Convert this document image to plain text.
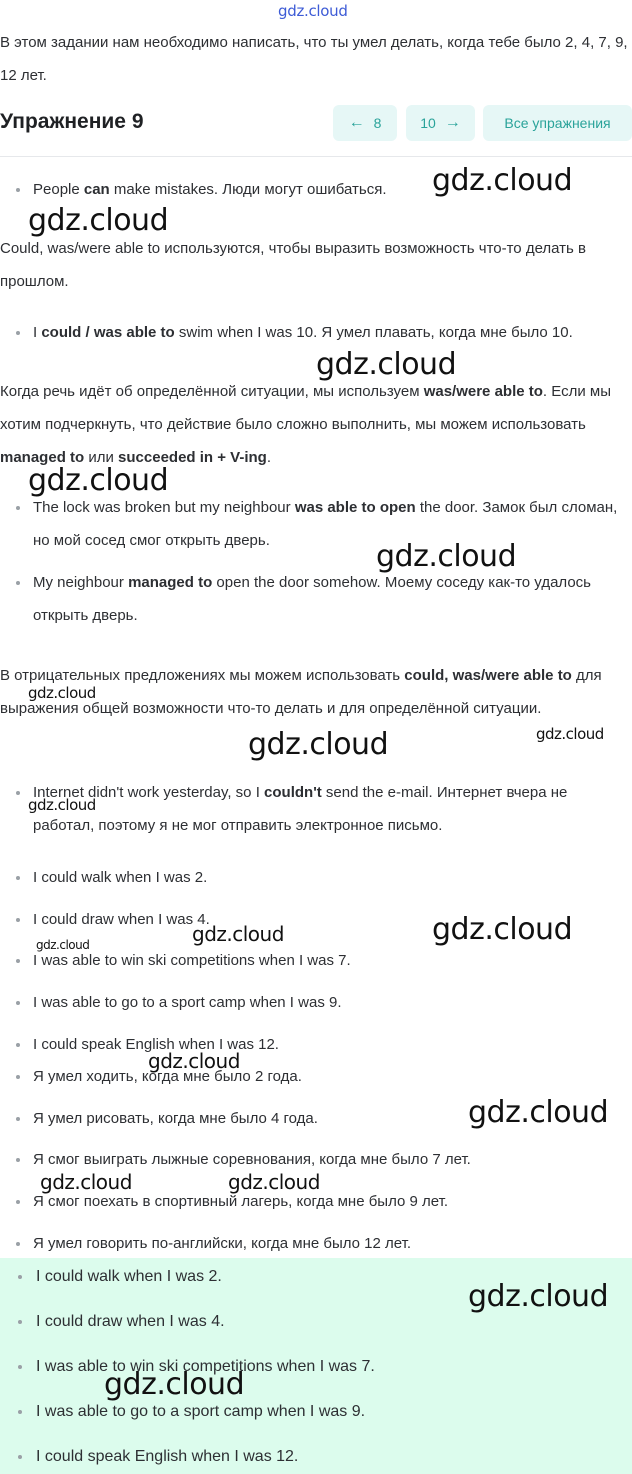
gdz.cloud
В этом задании нам необходимо написать, что ты умел делать, когда тебе было 2, 4, 7, 9, 12 лет.
Упражнение 9	← 8	10 →	Все упражнения
People can make mistakes. Люди могут ошибаться.
Could, was/were able to используются, чтобы выразить возможность что-то делать в прошлом.
I could / was able to swim when I was 10. Я умел плавать, когда мне было 10.
Когда речь идёт об определённой ситуации, мы используем was/were able to. Если мы хотим подчеркнуть, что действие было сложно выполнить, мы можем использовать managed to или succeeded in + V-ing.
The lock was broken but my neighbour was able to open the door. Замок был сломан, но мой сосед смог открыть дверь.
My neighbour managed to open the door somehow. Моему соседу как-то удалось открыть дверь.
В отрицательных предложениях мы можем использовать could, was/were able to для выражения общей возможности что-то делать и для определённой ситуации.
Internet didn't work yesterday, so I couldn't send the e-mail. Интернет вчера не работал, поэтому я не мог отправить электронное письмо.
I could walk when I was 2.
I could draw when I was 4.
I was able to win ski competitions when I was 7.
I was able to go to a sport camp when I was 9.
I could speak English when I was 12.
Я умел ходить, когда мне было 2 года.
Я умел рисовать, когда мне было 4 года.
Я смог выиграть лыжные соревнования, когда мне было 7 лет.
Я смог поехать в спортивный лагерь, когда мне было 9 лет.
Я умел говорить по-английски, когда мне было 12 лет.
I could walk when I was 2.
I could draw when I was 4.
I was able to win ski competitions when I was 7.
I was able to go to a sport camp when I was 9.
I could speak English when I was 12.
gdz.cloud
gdz.cloud
gdz.cloud
gdz.cloud
gdz.cloud
gdz.cloud
gdz.cloud	gdz.cloud
gdz.cloud
gdz.cloud
gdz.cloud
gdz.cloud
gdz.cloud
gdz.cloud
gdz.cloud	gdz.cloud
gdz.cloud
gdz.cloud
